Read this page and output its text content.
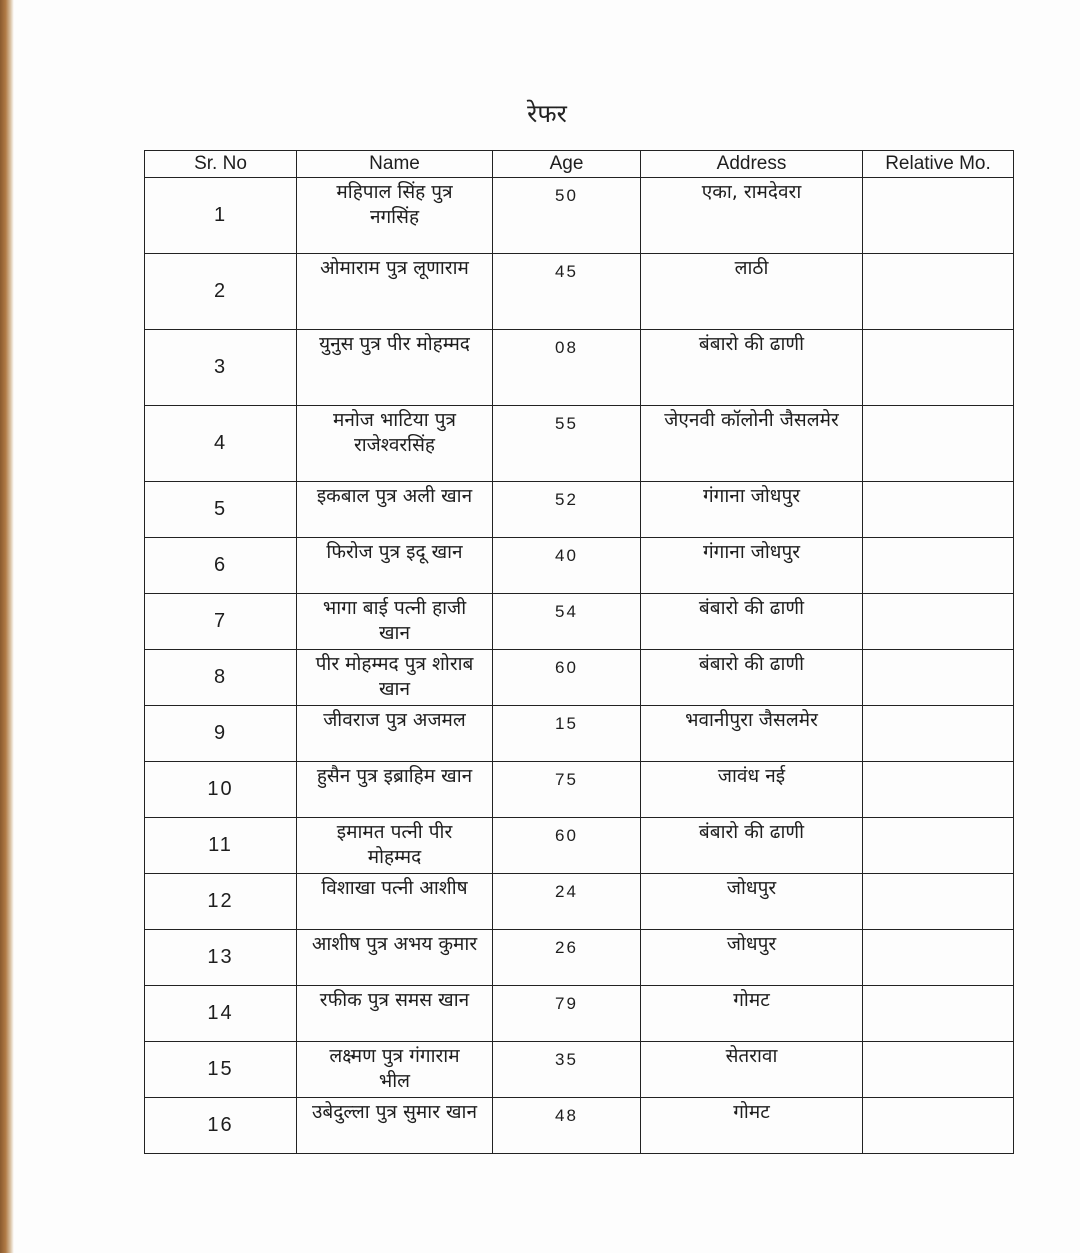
रेफर
Sr. No	Name	Age	Address	Relative Mo.
1	महिपाल सिंह पुत्र नगसिंह	50	एका, रामदेवरा	
2	ओमाराम पुत्र लूणाराम	45	लाठी	
3	युनुस पुत्र पीर मोहम्मद	08	बंबारो की ढाणी	
4	मनोज भाटिया पुत्र राजेश्वरसिंह	55	जेएनवी कॉलोनी जैसलमेर	
5	इकबाल पुत्र अली खान	52	गंगाना जोधपुर	
6	फिरोज पुत्र इदू खान	40	गंगाना जोधपुर	
7	भागा बाई पत्नी हाजी खान	54	बंबारो की ढाणी	
8	पीर मोहम्मद पुत्र शोराब खान	60	बंबारो की ढाणी	
9	जीवराज पुत्र अजमल	15	भवानीपुरा जैसलमेर	
10	हुसैन पुत्र इब्राहिम खान	75	जावंध नई	
11	इमामत पत्नी पीर मोहम्मद	60	बंबारो की ढाणी	
12	विशाखा पत्नी आशीष	24	जोधपुर	
13	आशीष पुत्र अभय कुमार	26	जोधपुर	
14	रफीक पुत्र समस खान	79	गोमट	
15	लक्ष्मण पुत्र गंगाराम भील	35	सेतरावा	
16	उबेदुल्ला पुत्र सुमार खान	48	गोमट	
